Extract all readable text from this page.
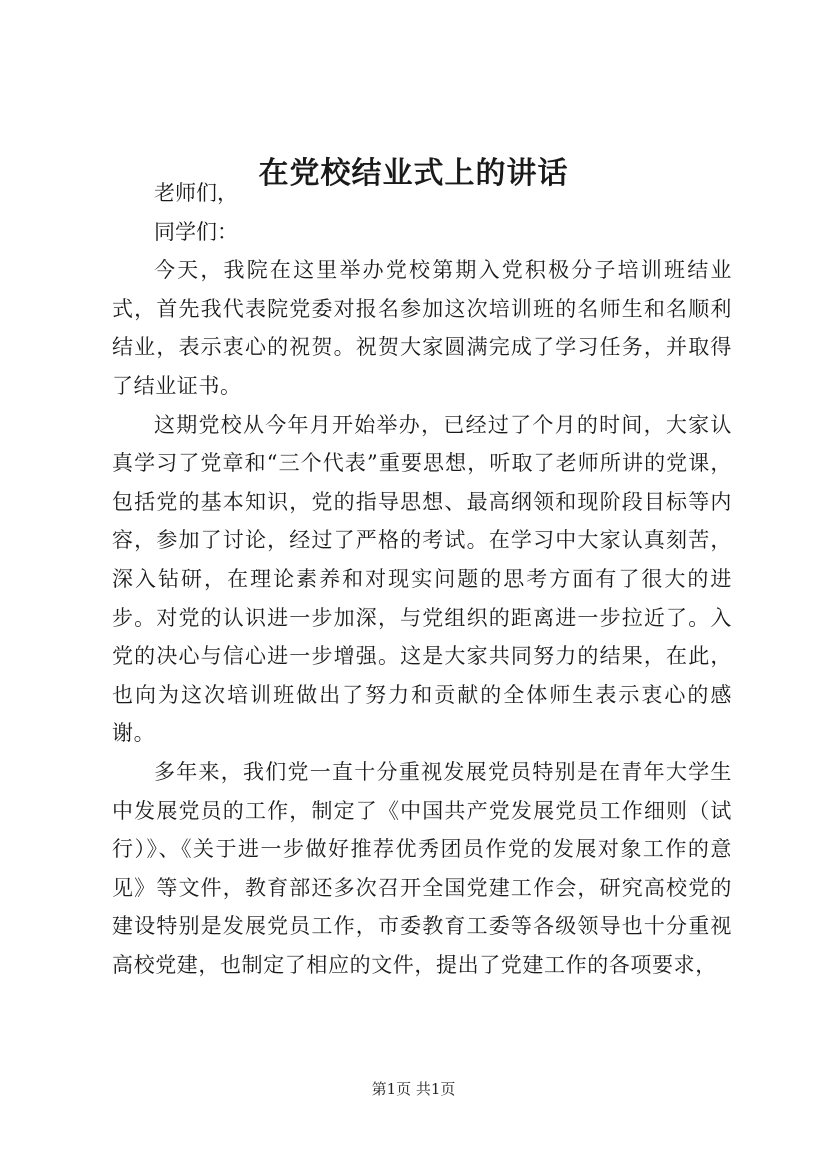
在党校结业式上的讲话

老师们，

同学们：

今天，我院在这里举办党校第期入党积极分子培训班结业式，首先我代表院党委对报名参加这次培训班的名师生和名顺利结业，表示衷心的祝贺。祝贺大家圆满完成了学习任务，并取得了结业证书。

这期党校从今年月开始举办，已经过了个月的时间，大家认真学习了党章和“三个代表”重要思想，听取了老师所讲的党课，包括党的基本知识，党的指导思想、最高纲领和现阶段目标等内容，参加了讨论，经过了严格的考试。在学习中大家认真刻苦，深入钻研，在理论素养和对现实问题的思考方面有了很大的进步。对党的认识进一步加深，与党组织的距离进一步拉近了。入党的决心与信心进一步增强。这是大家共同努力的结果，在此，也向为这次培训班做出了努力和贡献的全体师生表示衷心的感谢。

多年来，我们党一直十分重视发展党员特别是在青年大学生中发展党员的工作，制定了《中国共产党发展党员工作细则（试行）》、《关于进一步做好推荐优秀团员作党的发展对象工作的意见》等文件，教育部还多次召开全国党建工作会，研究高校党的建设特别是发展党员工作，市委教育工委等各级领导也十分重视高校党建，也制定了相应的文件，提出了党建工作的各项要求，

第1页 共1页
